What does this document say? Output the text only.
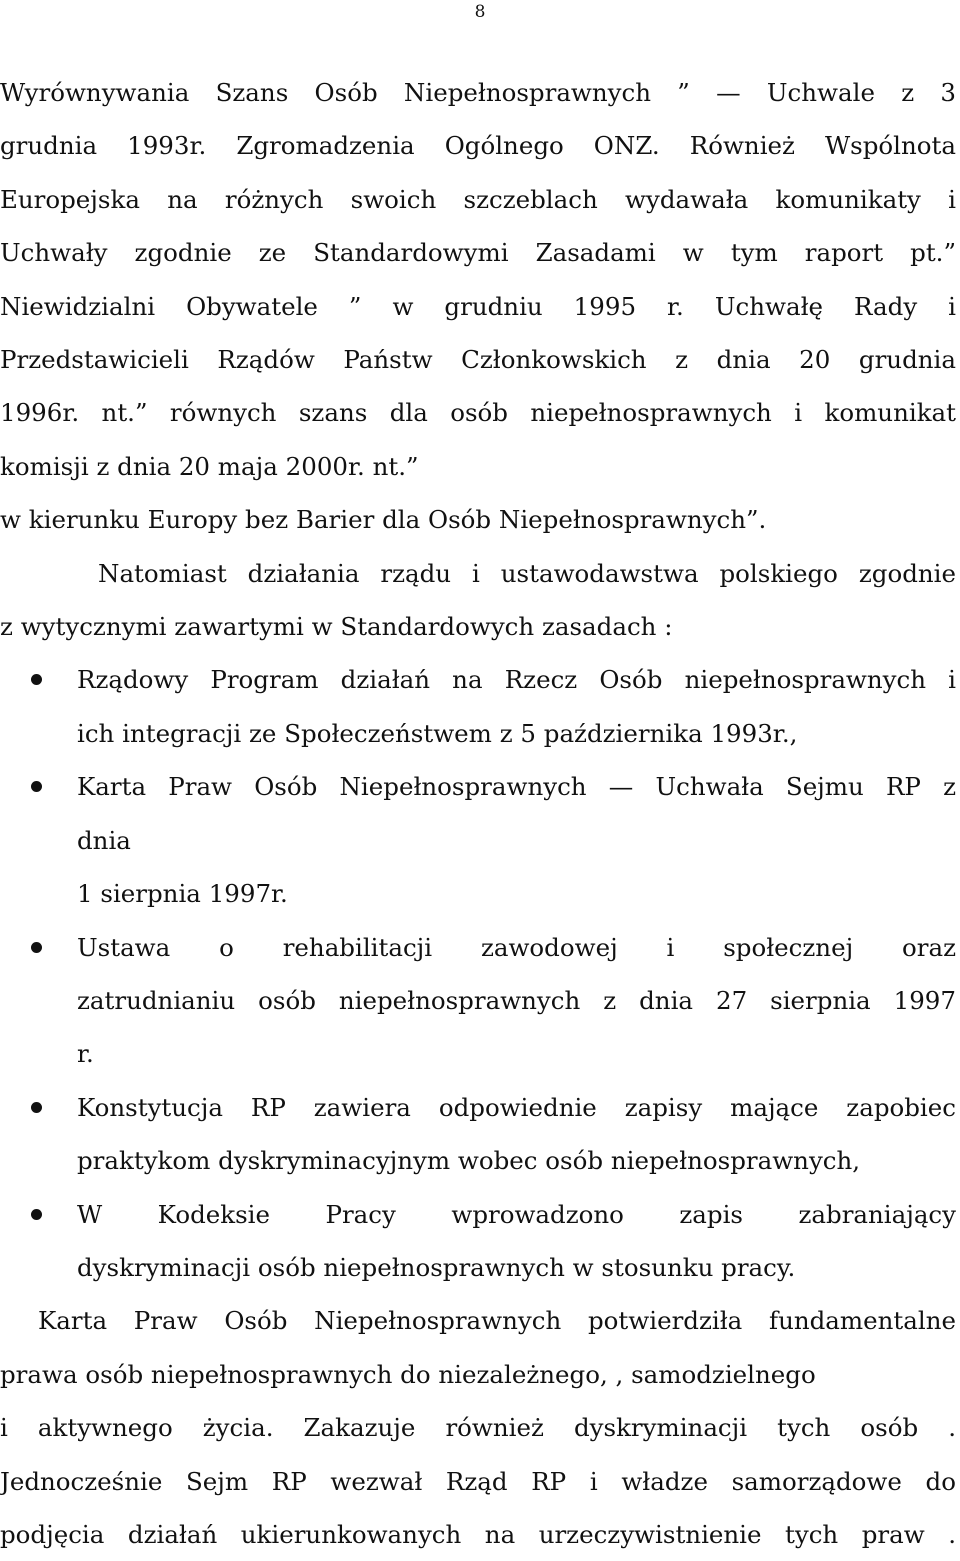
8

Wyrównywania Szans Osób Niepełnosprawnych ” — Uchwale z 3
grudnia 1993r. Zgromadzenia Ogólnego ONZ. Również Wspólnota
Europejska na różnych swoich szczeblach wydawała komunikaty i
Uchwały zgodnie ze Standardowymi Zasadami w tym raport pt.”
Niewidzialni Obywatele ” w grudniu 1995 r. Uchwałę Rady i
Przedstawicieli Rządów Państw Członkowskich z dnia 20 grudnia
1996r. nt.” równych szans dla osób niepełnosprawnych i komunikat
komisji z dnia 20 maja 2000r. nt.”
w kierunku Europy bez Barier dla Osób Niepełnosprawnych”.

Natomiast działania rządu i ustawodawstwa polskiego zgodnie
z wytycznymi zawartymi w Standardowych zasadach :

Rządowy Program działań na Rzecz Osób niepełnosprawnych i
ich integracji ze Społeczeństwem z 5 października 1993r.,
Karta Praw Osób Niepełnosprawnych — Uchwała Sejmu RP z
dnia
1 sierpnia 1997r.
Ustawa o rehabilitacji zawodowej i społecznej oraz
zatrudnianiu osób niepełnosprawnych z dnia 27 sierpnia 1997
r.
Konstytucja RP zawiera odpowiednie zapisy mające zapobiec
praktykom dyskryminacyjnym wobec osób niepełnosprawnych,
W Kodeksie Pracy wprowadzono zapis zabraniający
dyskryminacji osób niepełnosprawnych w stosunku pracy.

Karta Praw Osób Niepełnosprawnych potwierdziła fundamentalne
prawa osób niepełnosprawnych do niezależnego, , samodzielnego
i aktywnego życia. Zakazuje również dyskryminacji tych osób .
Jednocześnie Sejm RP wezwał Rząd RP i władze samorządowe do
podjęcia działań ukierunkowanych na urzeczywistnienie tych praw .
